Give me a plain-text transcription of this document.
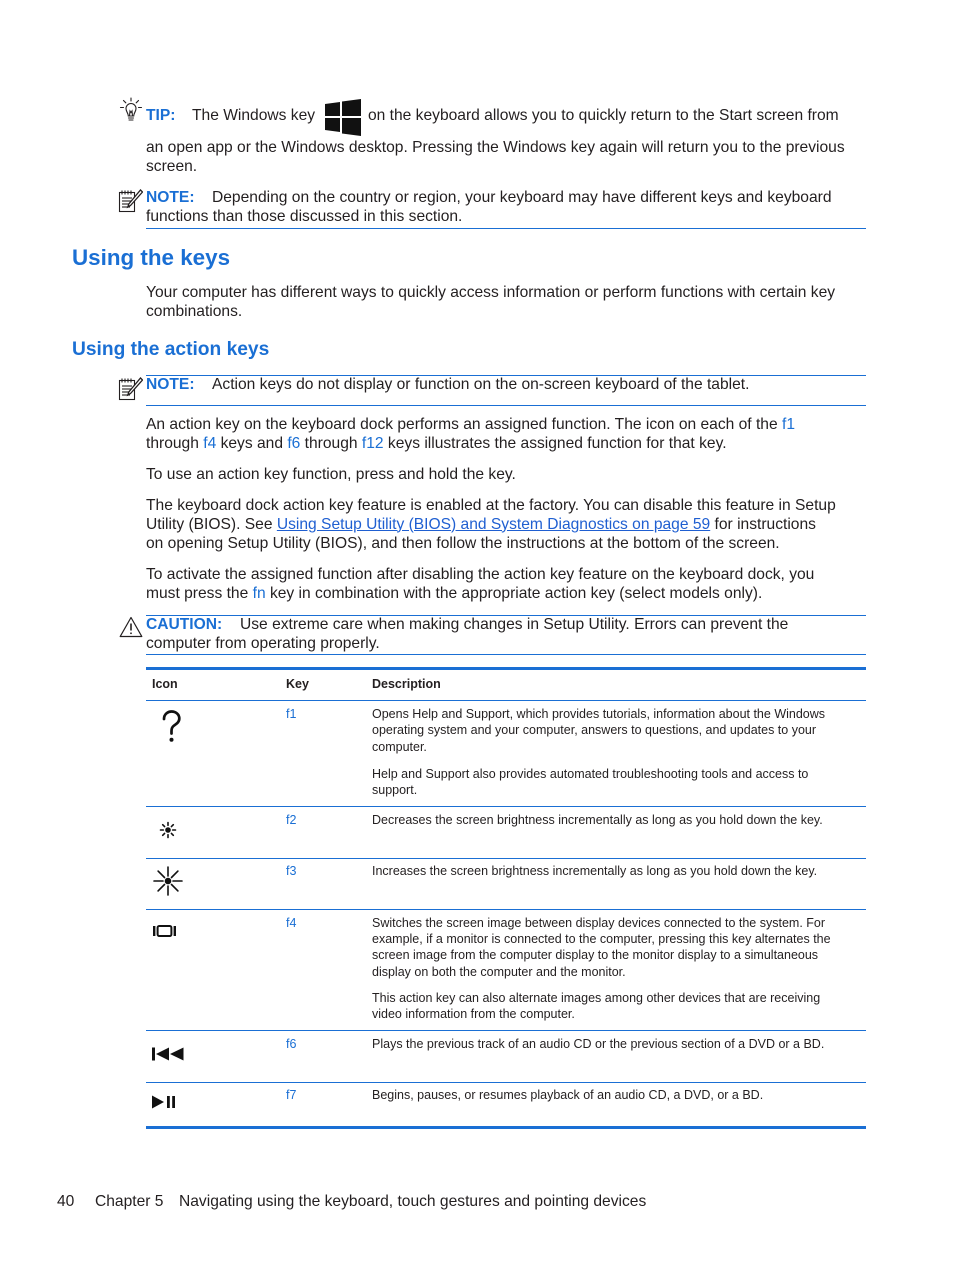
TIP: The Windows key	on the keyboard allows you to quickly return to the Start screen from
an open app or the Windows desktop. Pressing the Windows key again will return you to the previous
screen.
NOTE: Depending on the country or region, your keyboard may have different keys and keyboard
functions than those discussed in this section.
Using the keys
Your computer has different ways to quickly access information or perform functions with certain key
combinations.
Using the action keys
NOTE: Action keys do not display or function on the on-screen keyboard of the tablet.
An action key on the keyboard dock performs an assigned function. The icon on each of the f1
through f4 keys and f6 through f12 keys illustrates the assigned function for that key.
To use an action key function, press and hold the key.
The keyboard dock action key feature is enabled at the factory. You can disable this feature in Setup
Utility (BIOS). See Using Setup Utility (BIOS) and System Diagnostics on page 59 for instructions
on opening Setup Utility (BIOS), and then follow the instructions at the bottom of the screen.
To activate the assigned function after disabling the action key feature on the keyboard dock, you
must press the fn key in combination with the appropriate action key (select models only).
CAUTION: Use extreme care when making changes in Setup Utility. Errors can prevent the
computer from operating properly.
Icon	Key	Description
f1	Opens Help and Support, which provides tutorials, information about the Windows
operating system and your computer, answers to questions, and updates to your
computer.
Help and Support also provides automated troubleshooting tools and access to
support.
f2	Decreases the screen brightness incrementally as long as you hold down the key.
f3	Increases the screen brightness incrementally as long as you hold down the key.
f4	Switches the screen image between display devices connected to the system. For
example, if a monitor is connected to the computer, pressing this key alternates the
screen image from the computer display to the monitor display to a simultaneous
display on both the computer and the monitor.
This action key can also alternate images among other devices that are receiving
video information from the computer.
f6	Plays the previous track of an audio CD or the previous section of a DVD or a BD.
f7	Begins, pauses, or resumes playback of an audio CD, a DVD, or a BD.
40 Chapter 5 Navigating using the keyboard, touch gestures and pointing devices
